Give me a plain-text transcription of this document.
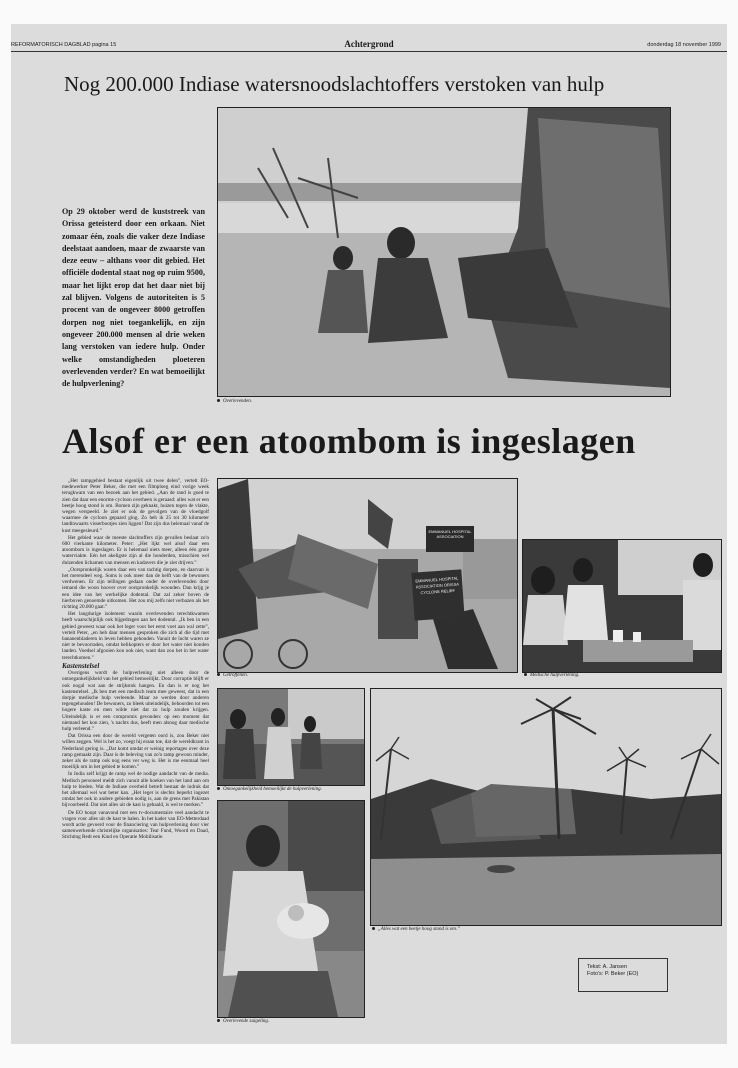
REFORMATORISCH DAGBLAD pagina 15	Achtergrond	donderdag 18 november 1999
Nog 200.000 Indiase watersnoodslachtoffers verstoken van hulp
Overlevenden.
Op 29 oktober werd de kuststreek van Orissa geteisterd door een orkaan. Niet zomaar één, zoals die vaker deze Indiase deelstaat aandoen, maar de zwaarste van deze eeuw – althans voor dit gebied. Het officiële dodental staat nog op ruim 9500, maar het lijkt erop dat het daar niet bij zal blijven. Volgens de autoriteiten is 5 procent van de ongeveer 8000 getroffen dorpen nog niet toegankelijk, en zijn ongeveer 200.000 mensen al drie weken lang verstoken van iedere hulp. Onder welke omstandigheden ploeteren overlevenden verder? En wat bemoeilijkt de hulpverlening?
Alsof er een atoombom is ingeslagen

„Het rampgebied bestaat eigenlijk uit twee delen”, vertelt EO-medewerker Peter Beker, die met een filmploeg eind vorige week terugkwam van een bezoek aan het gebied. „Aan de rand is goed te zien dat daar een enorme cycloon overheen is geraasd: alles wat er een beetje hoog stond is om. Bomen zijn geknakt, huizen tegen de vlakte, wegen verspeeld. Je ziet er ook de gevolgen van de vloedgolf waarmee de cycloon gepaard ging. Zo heb ik 25 tot 30 kilometer landinwaarts visserbootjes zien liggen! Dat zijn dus helemaal vanaf de kust meegesleurd.”

Het gebied waar de meeste slachtoffers zijn gevallen beslaat zo'n 600 vierkante kilometer. Peter: „Het lijkt wel alsof daar een atoombom is ingeslagen. Er is helemaal niets meer, alleen één grote waterviakte. Eén het akeligste zijn al die honderden, misschien wel duizenden lichamen van mensen en kadavers die je ziet drijven.”

„Oorspronkelijk waren daar een van tachtig dorpen, en daarvan is het merendeel weg. Soms is ook meer dan de helft van de bewoners verdwenen. Er zijn tellingen gedaan onder de overlevenden door iemand die woon hoover over oorspronkelijk woonden. Dan krijg je een idee van het werkelijke dodental. Dat zal zeker boven de hierboven genoemde uitkomen. Het zou mij zelfs niet verbazen als het richting 20.000 gaat.”

Het langdurige isolement waarin overlevenden terechtkwamen heeft waarschijnlijk ook bijgedragen aan het dodental. „Ik ben in een gebied geweest waar ook het leger voor het eerst voet aan wal zette”, vertelt Peter, „en heb daar mensen gesproken die zich al die tijd met bananenbladeren in leven hebben gehouden. Vanuit de lucht waren ze niet te bevoorraden, omdat helikopters er door het water niet konden landen. Voedsel afgooien kon ook niet, want dan zou het in het water terechtkomen.”

Kastenstelsel

Overigens wordt de hulpverlening niet alleen door de ontoegankelijkheid van het gebied bemoeilijkt. Door corruptie blijft er ook nogal wat aan de strijkstok hangen. En dan is er nog het kastenstelsel. „Ik ben met een medisch team mee geweest, dat in een dorpje medische hulp verleende. Maar ze werden door anderen tegengehouden! De bewoners, zo bleek uiteindelijk, behoorden tot een hogere kaste en men wilde niet dat zo hulp zouden krijgen. Uiteindelijk is er een compromis gevonden: op een moment dat niemand het kon zien, 's nachts dus, heeft men alsnog daar medische hulp verleend.”

Dat Orissa een door de wereld vergeten oord is, zou Beker niet willen zeggen. Wel is het zo, voegt hij eraan toe, dat de wereldkrant in Nederland gering is. „Dat komt omdat er weinig reportages over deze ramp gemaakt zijn. Daar is de beleving van zo'n ramp gewoon minder, zeker als de ramp ook nog eens ver weg is. Het is me eenmaal heel moeilijk om in het gebied te komen.”

In India zelf krijgt de ramp wel de nodige aandacht van de media. Medisch personeel meldt zich vanuit alle hoeken van het land aan om hulp te bieden. Wat de Indiase overheid betreft bestaat de indruk dat het allemaal wel wat beter kan. „Het leger is slechts beperkt ingezet omdat het ook in andere gebieden nodig is, aan de grens met Pakistan bijvoorbeeld. Dat niet alles uit de kast is gehaald, is wel te merken.”

De EO hoopt vanavond met een tv-documentaire veel aandacht te vragen voor alles uit de kast te halen. In het kader van EO-Metterdaad wordt actie gevoerd voor de financiering van hulpverlening door vier samenwerkende christelijke organisaties: Tear Fund, Woord en Daad, Stichting Redt een Kind en Operatie Mobilisatie.

EMMANUEL HOSPITAL ASSOCIATION
EMMANUEL HOSPITAL ASSOCIATION ORISSA CYCLONE RELIEF
Getroffenen.	Medische hulpverlening.
Ontoegankelijkheid bemoeilijkt de hulpverlening.
Overlevende zuigeling.
„Alles wat een beetje hoog stond is om.”
Tekst: A. Jansen
Foto's: P. Beker (EO)
